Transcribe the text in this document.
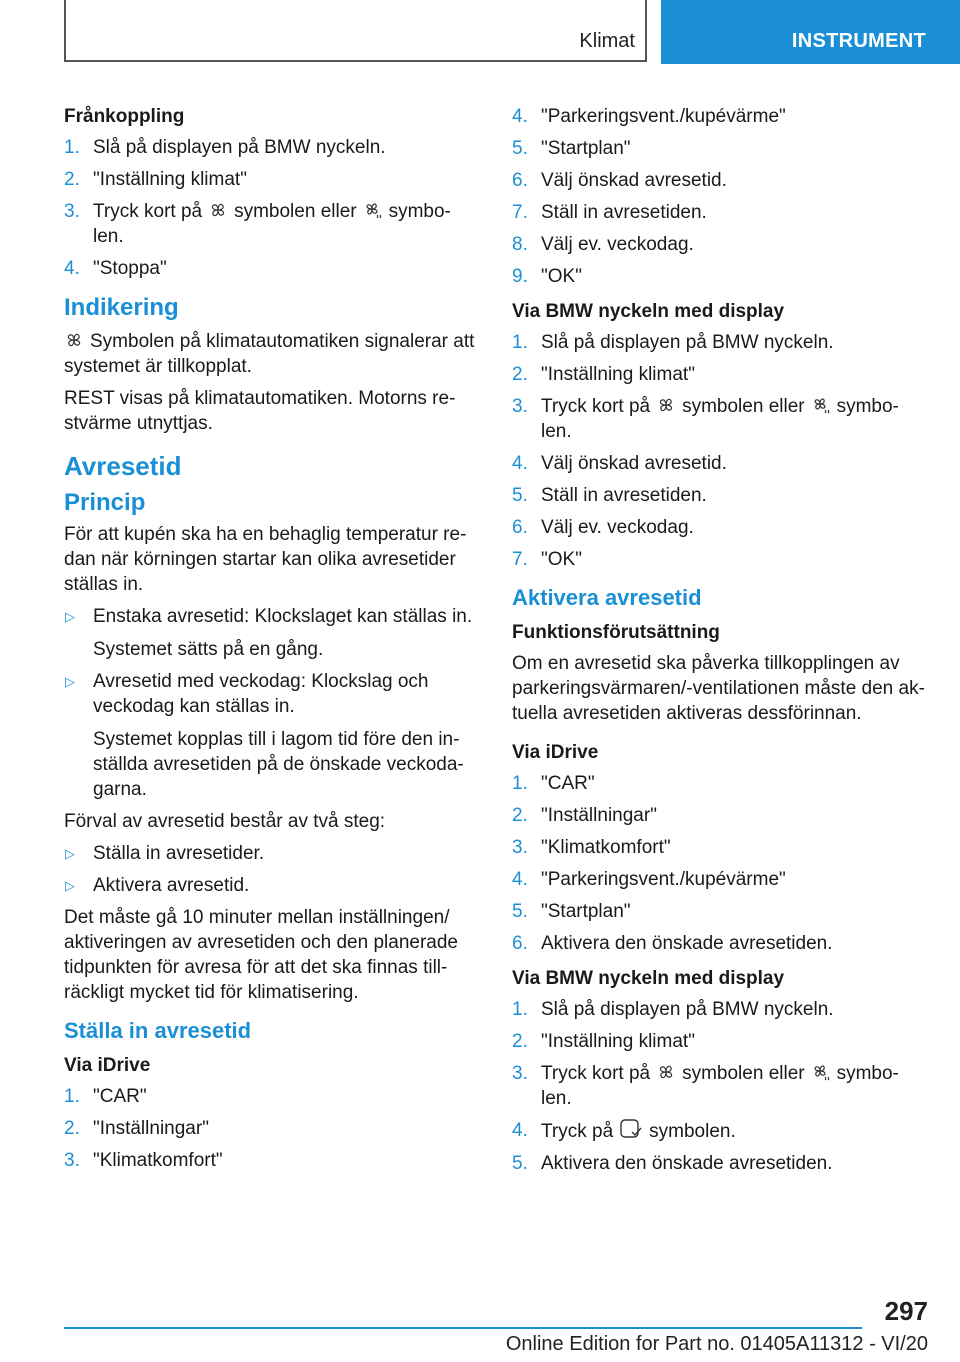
Klimat	INSTRUMENT

Frånkoppling

1. Slå på displayen på BMW nyckeln.
2. "Inställning klimat"
3. Tryck kort på symbolen eller symbo-
len.
4. "Stoppa"

Indikering

Symbolen på klimatautomatiken signalerar att systemet är tillkopplat.

REST visas på klimatautomatiken. Motorns re-stvärme utnyttjas.

Avresetid

Princip

För att kupén ska ha en behaglig temperatur re-dan när körningen startar kan olika avresetider ställas in.

▷ Enstaka avresetid: Klockslaget kan ställas in.
Systemet sätts på en gång.
▷ Avresetid med veckodag: Klockslag och veckodag kan ställas in.
Systemet kopplas till i lagom tid före den in-ställda avresetiden på de önskade veckoda-garna.

Förval av avresetid består av två steg:

▷ Ställa in avresetider.
▷ Aktivera avresetid.

Det måste gå 10 minuter mellan inställningen/ aktiveringen av avresetiden och den planerade tidpunkten för avresa för att det ska finnas till-räckligt mycket tid för klimatisering.

Ställa in avresetid

Via iDrive

1. "CAR"
2. "Inställningar"
3. "Klimatkomfort"
4. "Parkeringsvent./kupévärme"
5. "Startplan"
6. Välj önskad avresetid.
7. Ställ in avresetiden.
8. Välj ev. veckodag.
9. "OK"

Via BMW nyckeln med display

1. Slå på displayen på BMW nyckeln.
2. "Inställning klimat"
3. Tryck kort på symbolen eller symbo-
len.
4. Välj önskad avresetid.
5. Ställ in avresetiden.
6. Välj ev. veckodag.
7. "OK"

Aktivera avresetid

Funktionsförutsättning

Om en avresetid ska påverka tillkopplingen av parkeringsvärmaren/-ventilationen måste den ak-tuella avresetiden aktiveras dessförinnan.

Via iDrive

1. "CAR"
2. "Inställningar"
3. "Klimatkomfort"
4. "Parkeringsvent./kupévärme"
5. "Startplan"
6. Aktivera den önskade avresetiden.

Via BMW nyckeln med display

1. Slå på displayen på BMW nyckeln.
2. "Inställning klimat"
3. Tryck kort på symbolen eller symbo-
len.
4. Tryck på symbolen.
5. Aktivera den önskade avresetiden.
297
Online Edition for Part no. 01405A11312 - VI/20
